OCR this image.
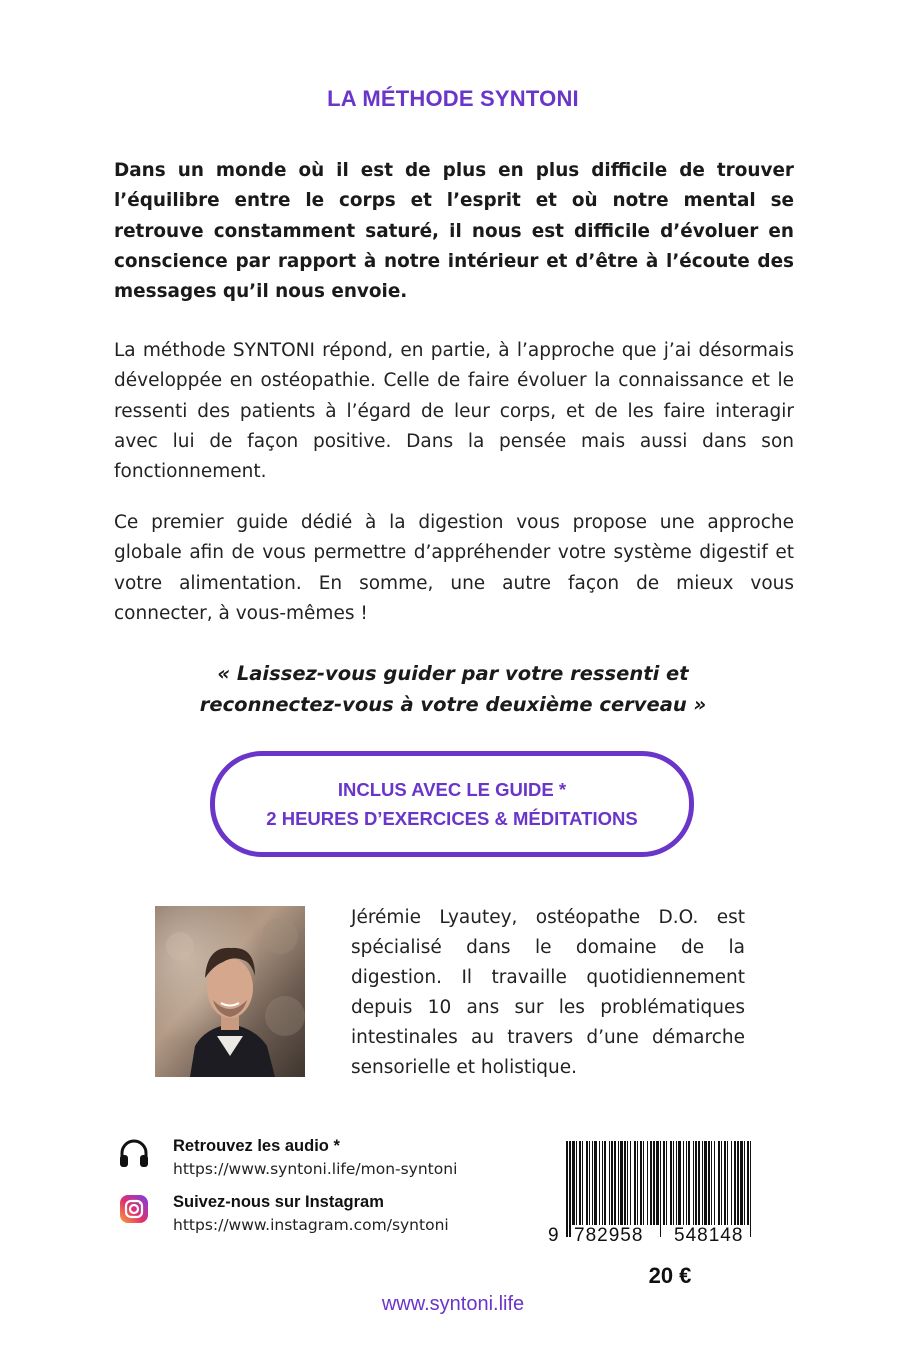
LA MÉTHODE SYNTONI
Dans un monde où il est de plus en plus difficile de trouver l’équilibre entre le corps et l’esprit et où notre mental se retrouve constamment saturé, il nous est difficile d’évoluer en conscience par rapport à notre intérieur et d’être à l’écoute des messages qu’il nous envoie.
La méthode SYNTONI répond, en partie, à l’approche que j’ai désormais développée en ostéopathie. Celle de faire évoluer la connaissance et le ressenti des patients à l’égard de leur corps, et de les faire interagir avec lui de façon positive. Dans la pensée mais aussi dans son fonctionnement.
Ce premier guide dédié à la digestion vous propose une approche globale afin de vous permettre d’appréhender votre système digestif et votre alimentation. En somme, une autre façon de mieux vous connecter, à vous-mêmes !
« Laissez-vous guider par votre ressenti et
reconnectez-vous à votre deuxième cerveau »
INCLUS AVEC LE GUIDE *
2 HEURES D’EXERCICES & MÉDITATIONS
Jérémie Lyautey, ostéopathe D.O. est spécialisé dans le domaine de la digestion. Il travaille quotidiennement depuis 10 ans sur les problématiques intestinales au travers d’une démarche sensorielle et holistique.
Retrouvez les audio *
https://www.syntoni.life/mon-syntoni
Suivez-nous sur Instagram
https://www.instagram.com/syntoni	9 782958 548148
20 €
www.syntoni.life
